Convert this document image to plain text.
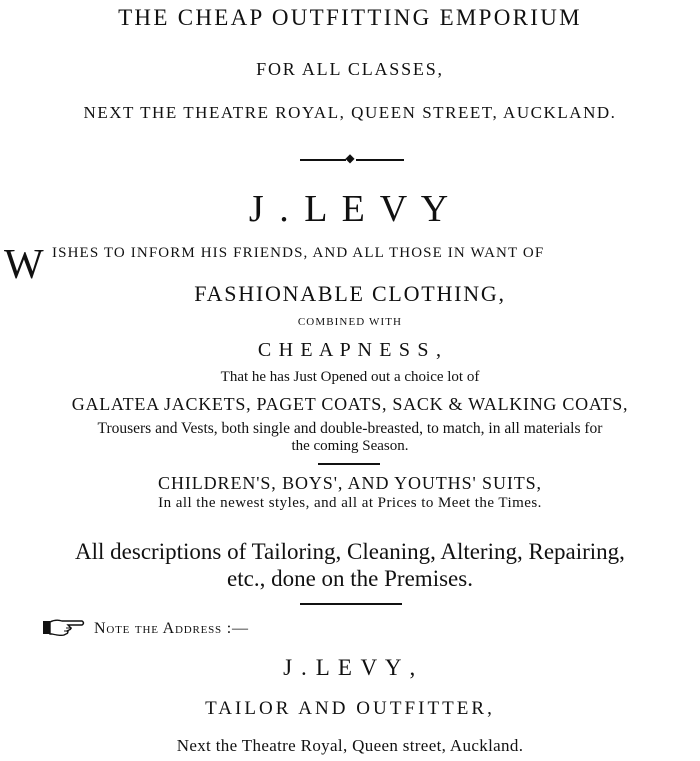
THE CHEAP OUTFITTING EMPORIUM
FOR ALL CLASSES,
NEXT THE THEATRE ROYAL, QUEEN STREET, AUCKLAND.
◆
J . L E V Y
W ISHES TO INFORM HIS FRIENDS, AND ALL THOSE IN WANT OF
FASHIONABLE CLOTHING,
COMBINED WITH
C H E A P N E S S ,
That he has Just Opened out a choice lot of
GALATEA JACKETS, PAGET COATS, SACK & WALKING COATS,
Trousers and Vests, both single and double-breasted, to match, in all materials for
the coming Season.
CHILDREN'S, BOYS', AND YOUTHS' SUITS,
In all the newest styles, and all at Prices to Meet the Times.
All descriptions of Tailoring, Cleaning, Altering, Repairing,
etc., done on the Premises.
Note the Address :—
J . L E V Y ,
TAILOR AND OUTFITTER,
Next the Theatre Royal, Queen street, Auckland.
